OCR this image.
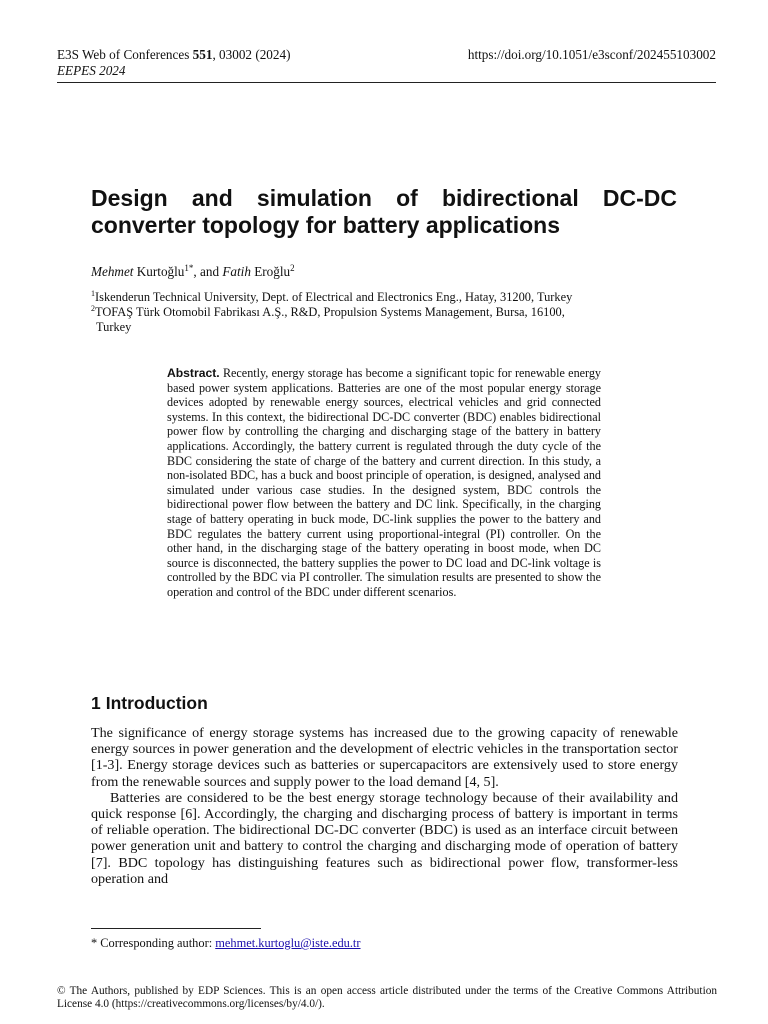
E3S Web of Conferences 551, 03002 (2024)
EEPES 2024
https://doi.org/10.1051/e3sconf/202455103002
Design and simulation of bidirectional DC-DC converter topology for battery applications
Mehmet Kurtoğlu$^{1*}$, and Fatih Eroğlu$^2$
$^1$Iskenderun Technical University, Dept. of Electrical and Electronics Eng., Hatay, 31200, Turkey
$^2$TOFAŞ Türk Otomobil Fabrikası A.Ş., R&D, Propulsion Systems Management, Bursa, 16100,
Turkey

Abstract. Recently, energy storage has become a significant topic for renewable energy based power system applications. Batteries are one of the most popular energy storage devices adopted by renewable energy sources, electrical vehicles and grid connected systems. In this context, the bidirectional DC-DC converter (BDC) enables bidirectional power flow by controlling the charging and discharging stage of the battery in battery applications. Accordingly, the battery current is regulated through the duty cycle of the BDC considering the state of charge of the battery and current direction. In this study, a non-isolated BDC, has a buck and boost principle of operation, is designed, analysed and simulated under various case studies. In the designed system, BDC controls the bidirectional power flow between the battery and DC link. Specifically, in the charging stage of battery operating in buck mode, DC-link supplies the power to the battery and BDC regulates the battery current using proportional-integral (PI) controller. On the other hand, in the discharging stage of the battery operating in boost mode, when DC source is disconnected, the battery supplies the power to DC load and DC-link voltage is controlled by the BDC via PI controller. The simulation results are presented to show the operation and control of the BDC under different scenarios.

1 Introduction

The significance of energy storage systems has increased due to the growing capacity of renewable energy sources in power generation and the development of electric vehicles in the transportation sector [1-3]. Energy storage devices such as batteries or supercapacitors are extensively used to store energy from the renewable sources and supply power to the load demand [4, 5].

Batteries are considered to be the best energy storage technology because of their availability and quick response [6]. Accordingly, the charging and discharging process of battery is important in terms of reliable operation. The bidirectional DC-DC converter (BDC) is used as an interface circuit between power generation unit and battery to control the charging and discharging mode of operation of battery [7]. BDC topology has distinguishing features such as bidirectional power flow, transformer-less operation and

* Corresponding author: mehmet.kurtoglu@iste.edu.tr
© The Authors, published by EDP Sciences. This is an open access article distributed under the terms of the Creative Commons Attribution License 4.0 (https://creativecommons.org/licenses/by/4.0/).
